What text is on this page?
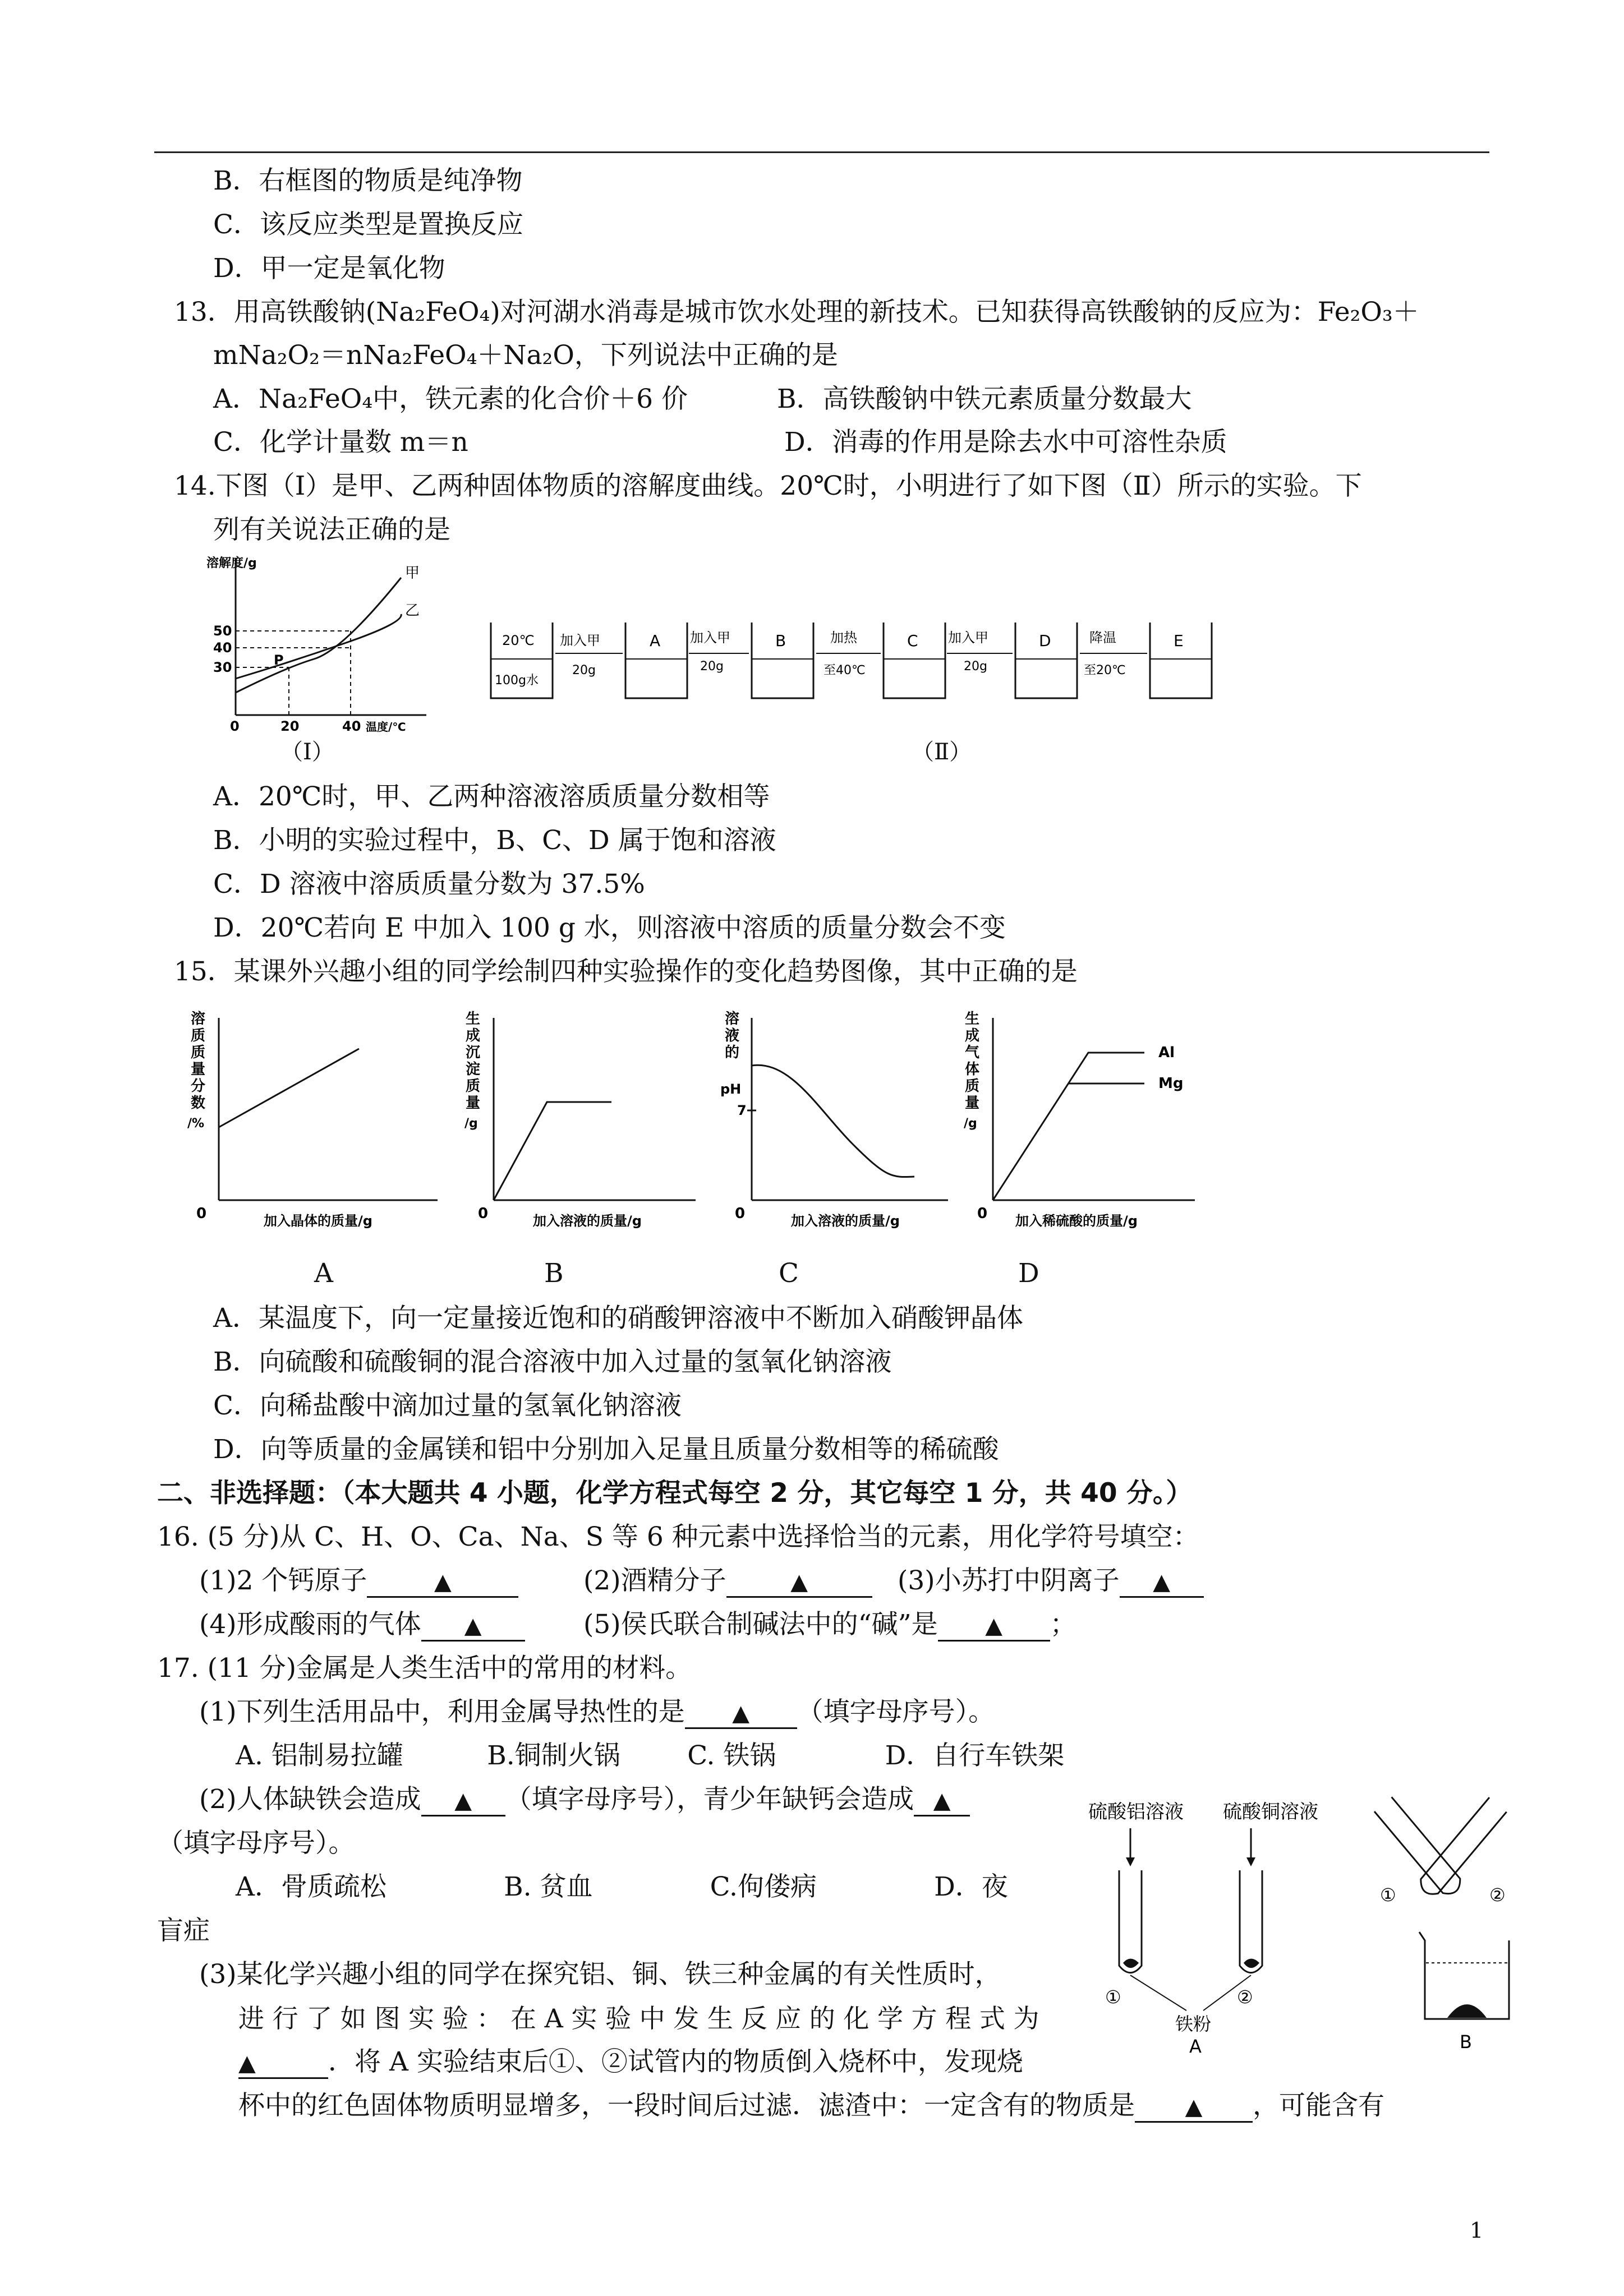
B．右框图的物质是纯净物
C．该反应类型是置换反应
D．甲一定是氧化物
13．用高铁酸钠(Na₂FeO₄)对河湖水消毒是城市饮水处理的新技术。已知获得高铁酸钠的反应为：Fe₂O₃＋
mNa₂O₂＝nNa₂FeO₄＋Na₂O，下列说法中正确的是
A．Na₂FeO₄中，铁元素的化合价＋6 价	B．高铁酸钠中铁元素质量分数最大
C．化学计量数 m＝n	D．消毒的作用是除去水中可溶性杂质
14.下图（Ⅰ）是甲、乙两种固体物质的溶解度曲线。20℃时，小明进行了如下图（Ⅱ）所示的实验。下
列有关说法正确的是
溶解度/g
甲
乙
P
50
40
30
0	20	40 温度/℃
（Ⅰ）
20℃
100g水
加入甲
20g
A 加入甲
20g
B	加热
至40℃
C 加入甲
20g
D	降温
至20℃
E
（Ⅱ）
A．20℃时，甲、乙两种溶液溶质质量分数相等
B．小明的实验过程中，B、C、D 属于饱和溶液
C．D 溶液中溶质质量分数为 37.5%
D．20℃若向 E 中加入 100 g 水，则溶液中溶质的质量分数会不变
15．某课外兴趣小组的同学绘制四种实验操作的变化趋势图像，其中正确的是
溶
质
质
量
分
数
/%
0	加入晶体的质量/g
A
生
成
沉
淀
质
量
/g
0	加入溶液的质量/g
B
溶
液
的
pH
7
0	加入溶液的质量/g
C
Al
Mg
生
成
气
体
质
量
/g
0 加入稀硫酸的质量/g
D
A．某温度下，向一定量接近饱和的硝酸钾溶液中不断加入硝酸钾晶体
B．向硫酸和硫酸铜的混合溶液中加入过量的氢氧化钠溶液
C．向稀盐酸中滴加过量的氢氧化钠溶液
D．向等质量的金属镁和铝中分别加入足量且质量分数相等的稀硫酸
二、非选择题：（本大题共 4 小题，化学方程式每空 2 分，其它每空 1 分，共 40 分。）
16. (5 分)从 C、H、O、Ca、Na、S 等 6 种元素中选择恰当的元素，用化学符号填空：
(1)2 个钙原子	▲	(2)酒精分子	▲	(3)小苏打中阴离子 ▲
(4)形成酸雨的气体 ▲	(5)侯氏联合制碱法中的“碱”是 ▲ ；
17. (11 分)金属是人类生活中的常用的材料。
(1)下列生活用品中，利用金属导热性的是 ▲ （填字母序号）。
A. 铝制易拉罐          B.铜制火锅        C. 铁锅             D．自行车铁架
(2)人体缺铁会造成 ▲ （填字母序号），青少年缺钙会造成 ▲
（填字母序号）。
A．骨质疏松              B. 贫血              C.佝偻病              D．夜
盲症
(3)某化学兴趣小组的同学在探究铝、铜、铁三种金属的有关性质时，
进 行 了 如 图 实 验 ： 在 A 实 验 中 发 生 反 应 的 化 学 方 程 式 为
▲	．将 A 实验结束后①、②试管内的物质倒入烧杯中，发现烧
杯中的红色固体物质明显增多，一段时间后过滤．滤渣中：一定含有的物质是 ▲ ，可能含有
硫酸铝溶液 硫酸铜溶液
①	②
铁粉
A
①	②
B
1
